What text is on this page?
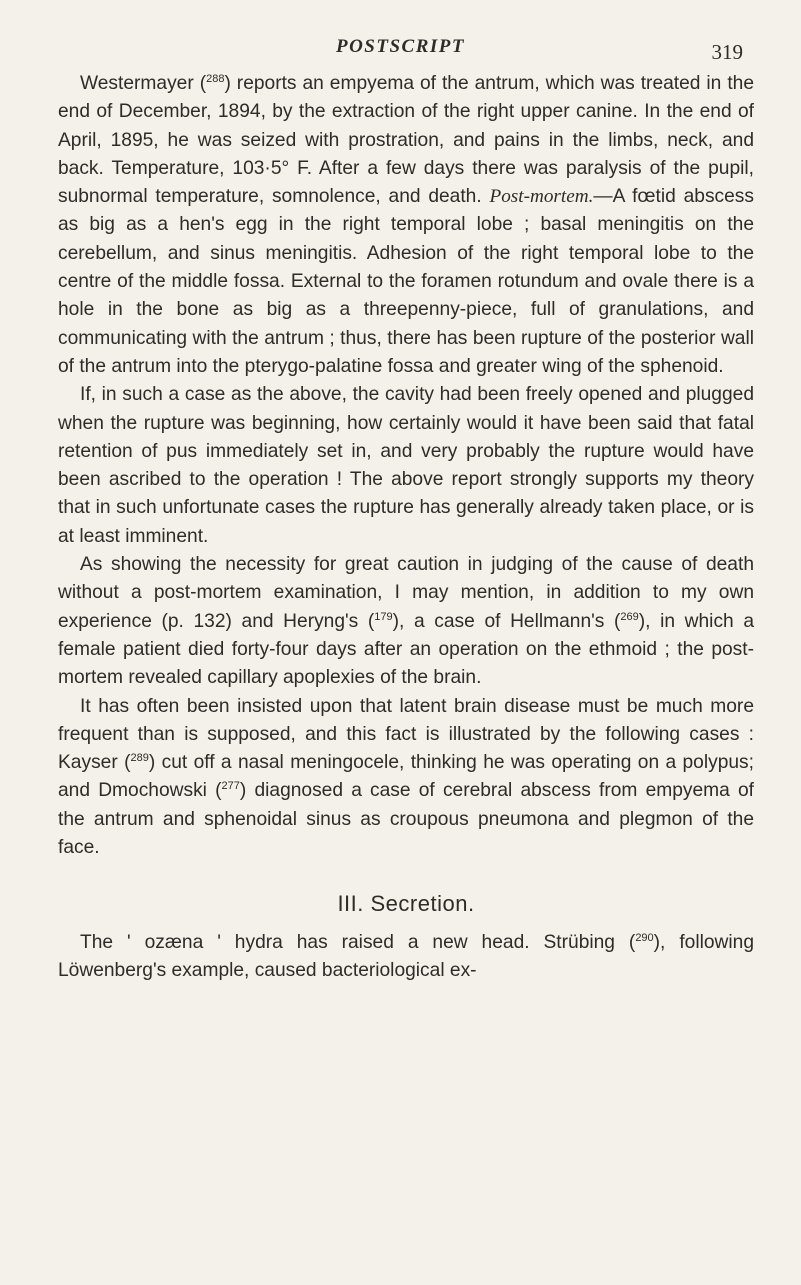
POSTSCRIPT	319

Westermayer ($^{288}$) reports an empyema of the antrum, which was treated in the end of December, 1894, by the extraction of the right upper canine. In the end of April, 1895, he was seized with prostration, and pains in the limbs, neck, and back. Temperature, 103·5° F. After a few days there was paralysis of the pupil, subnormal temperature, somnolence, and death. Post-mortem.—A fœtid abscess as big as a hen's egg in the right temporal lobe ; basal meningitis on the cerebellum, and sinus meningitis. Adhesion of the right temporal lobe to the centre of the middle fossa. External to the foramen rotundum and ovale there is a hole in the bone as big as a threepenny-piece, full of granulations, and communicating with the antrum ; thus, there has been rupture of the posterior wall of the antrum into the pterygo-palatine fossa and greater wing of the sphenoid.

If, in such a case as the above, the cavity had been freely opened and plugged when the rupture was beginning, how certainly would it have been said that fatal retention of pus immediately set in, and very probably the rupture would have been ascribed to the operation ! The above report strongly supports my theory that in such unfortunate cases the rupture has generally already taken place, or is at least imminent.

As showing the necessity for great caution in judging of the cause of death without a post-mortem examination, I may mention, in addition to my own experience (p. 132) and Heryng's ($^{179}$), a case of Hellmann's ($^{269}$), in which a female patient died forty-four days after an operation on the ethmoid ; the post-mortem revealed capillary apoplexies of the brain.

It has often been insisted upon that latent brain disease must be much more frequent than is supposed, and this fact is illustrated by the following cases : Kayser ($^{289}$) cut off a nasal meningocele, thinking he was operating on a polypus; and Dmochowski ($^{277}$) diagnosed a case of cerebral abscess from empyema of the antrum and sphenoidal sinus as croupous pneumona and plegmon of the face.

III. Secretion.

The ' ozæna ' hydra has raised a new head. Strübing ($^{290}$), following Löwenberg's example, caused bacteriological ex-
